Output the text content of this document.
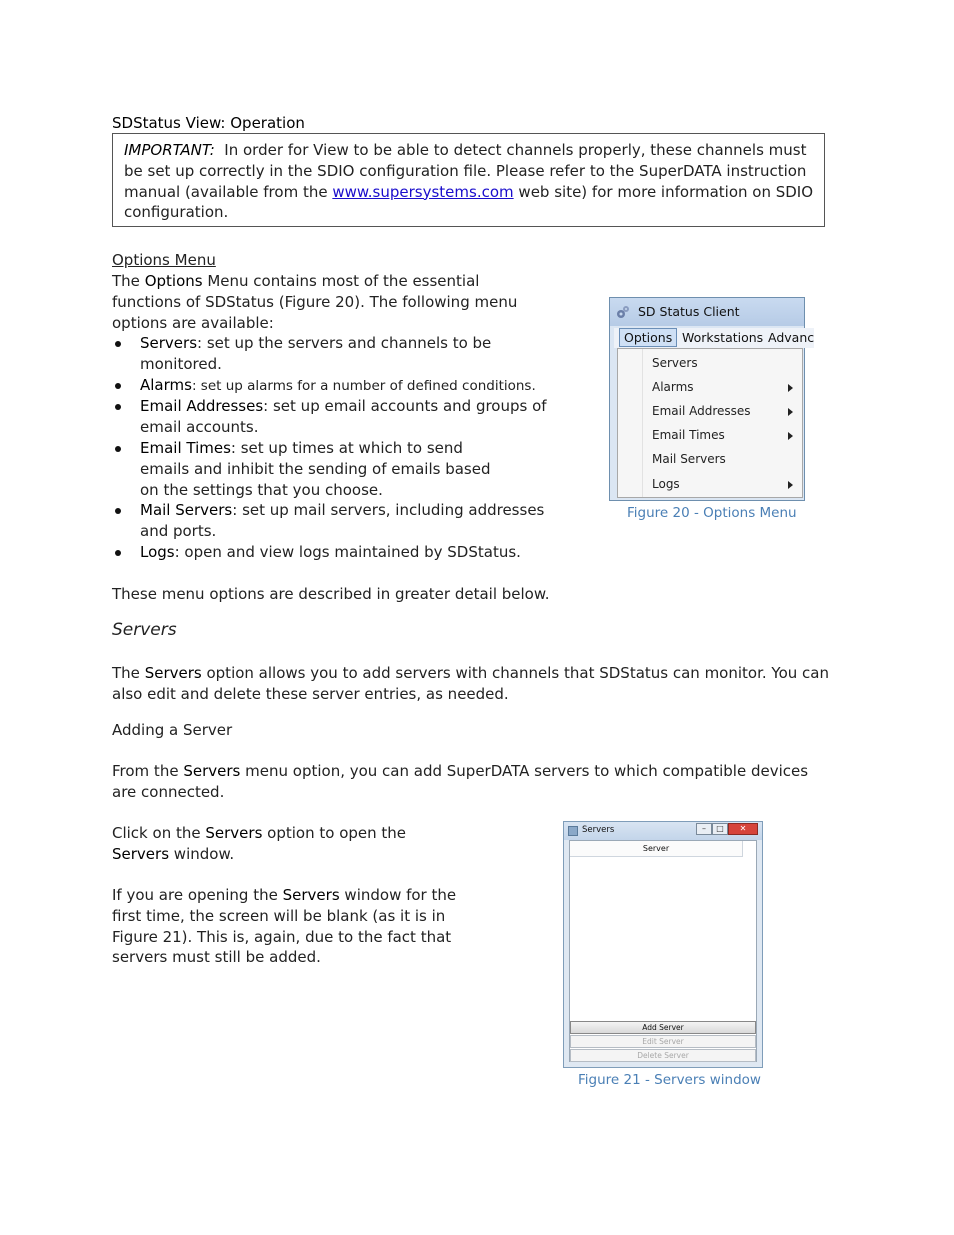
SDStatus View: Operation
IMPORTANT: In order for View to be able to detect channels properly, these channels must be set up correctly in the SDIO configuration file. Please refer to the SuperDATA instruction manual (available from the www.supersystems.com web site) for more information on SDIO configuration.
Options Menu
The Options Menu contains most of the essential functions of SDStatus (Figure 20). The following menu options are available:
Servers: set up the servers and channels to be monitored.
Alarms: set up alarms for a number of defined conditions.
Email Addresses: set up email accounts and groups of email accounts.
Email Times: set up times at which to send emails and inhibit the sending of emails based on the settings that you choose.
Mail Servers: set up mail servers, including addresses and ports.
Logs: open and view logs maintained by SDStatus.
These menu options are described in greater detail below.
SD Status Client
Options Workstations Advanc
Servers
Alarms
Email Addresses
Email Times
Mail Servers
Logs
Figure 20 - Options Menu
Servers
The Servers option allows you to add servers with channels that SDStatus can monitor. You can also edit and delete these server entries, as needed.
Adding a Server
From the Servers menu option, you can add SuperDATA servers to which compatible devices are connected.
Click on the Servers option to open the Servers window.
If you are opening the Servers window for the first time, the screen will be blank (as it is in Figure 21). This is, again, due to the fact that servers must still be added.
Servers	–	□	✕
Server
Add Server
Edit Server
Delete Server
Figure 21 - Servers window
